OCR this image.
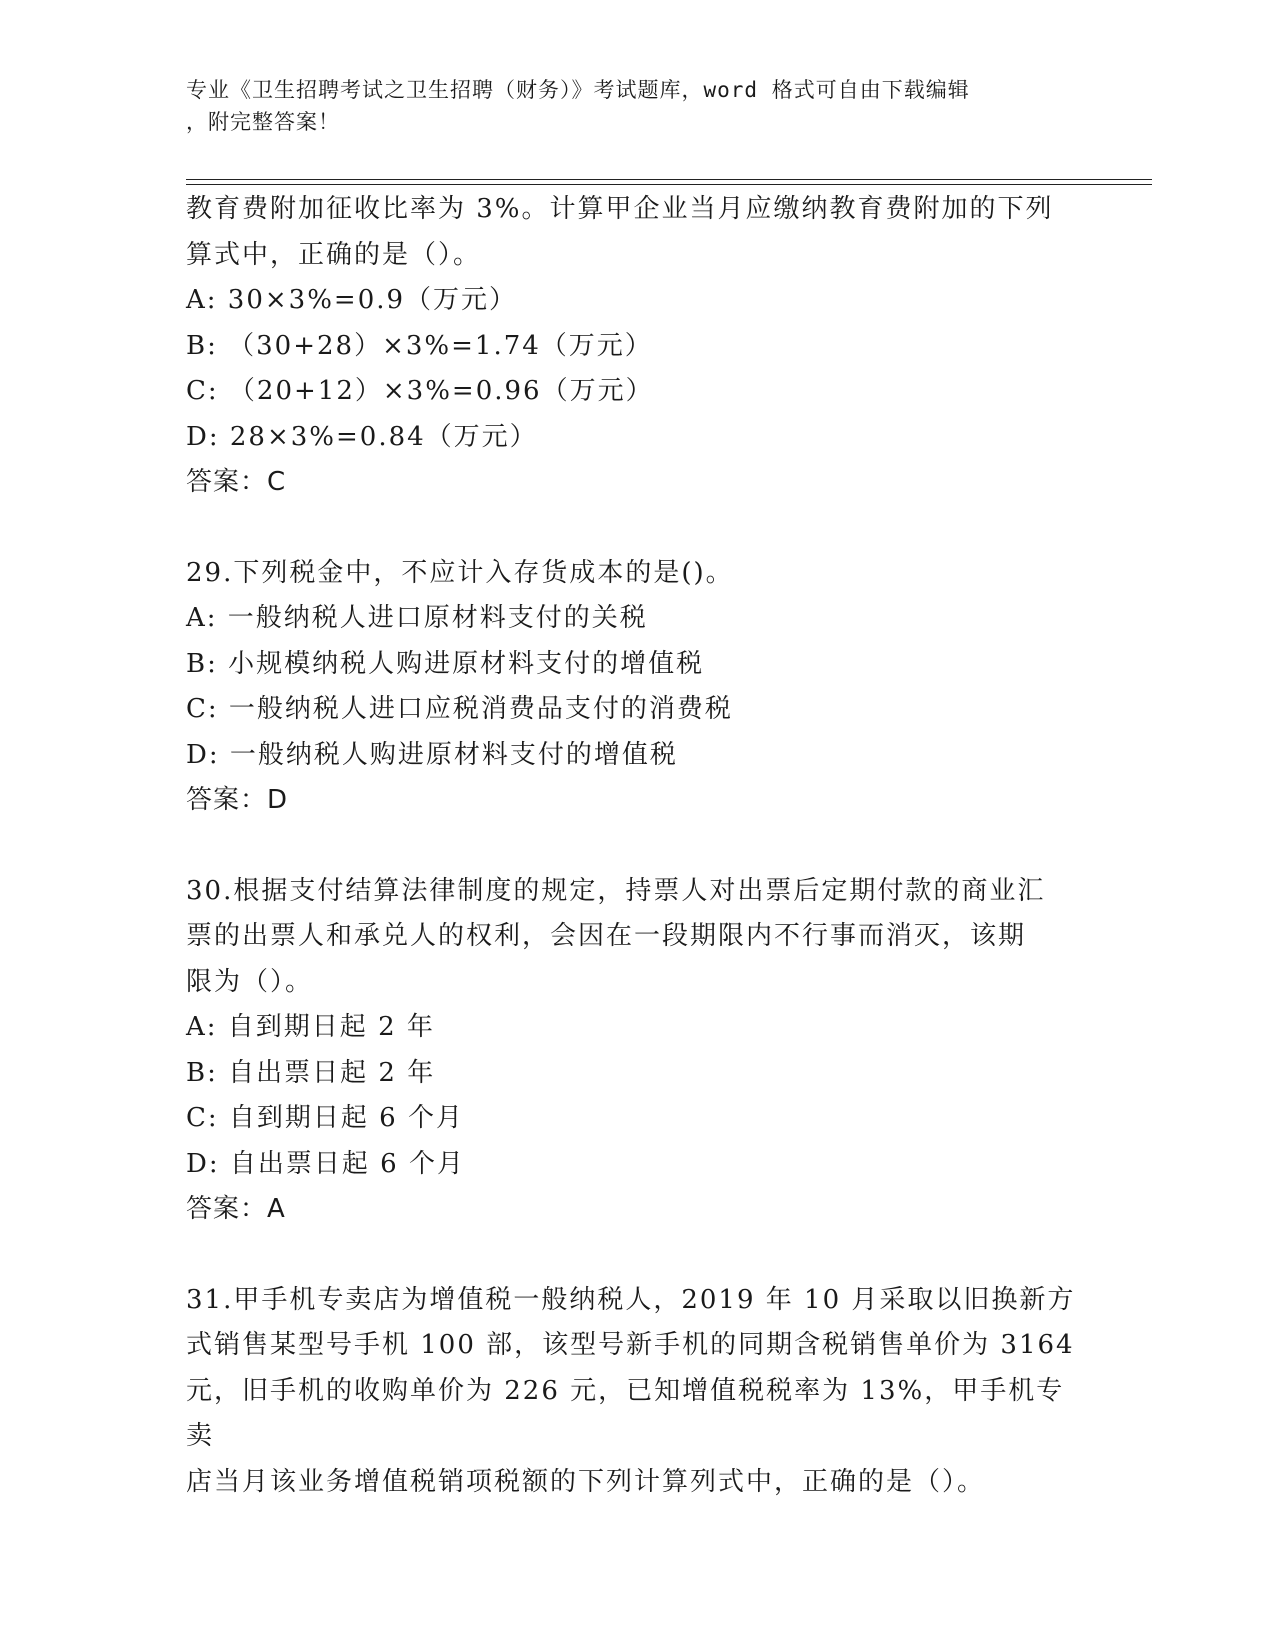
专业《卫生招聘考试之卫生招聘（财务）》考试题库，word 格式可自由下载编辑

，附完整答案！

教育费附加征收比率为 3%。计算甲企业当月应缴纳教育费附加的下列

算式中，正确的是（）。

A: 30×3%=0.9（万元）

B: （30+28）×3%=1.74（万元）

C: （20+12）×3%=0.96（万元）

D: 28×3%=0.84（万元）

答案：C

29.下列税金中，不应计入存货成本的是()。

A: 一般纳税人进口原材料支付的关税

B: 小规模纳税人购进原材料支付的增值税

C: 一般纳税人进口应税消费品支付的消费税

D: 一般纳税人购进原材料支付的增值税

答案：D

30.根据支付结算法律制度的规定，持票人对出票后定期付款的商业汇

票的出票人和承兑人的权利，会因在一段期限内不行事而消灭，该期

限为（）。

A: 自到期日起 2 年

B: 自出票日起 2 年

C: 自到期日起 6 个月

D: 自出票日起 6 个月

答案：A

31.甲手机专卖店为增值税一般纳税人，2019 年 10 月采取以旧换新方

式销售某型号手机 100 部，该型号新手机的同期含税销售单价为 3164

元，旧手机的收购单价为 226 元，已知增值税税率为 13%，甲手机专卖

店当月该业务增值税销项税额的下列计算列式中，正确的是（）。
